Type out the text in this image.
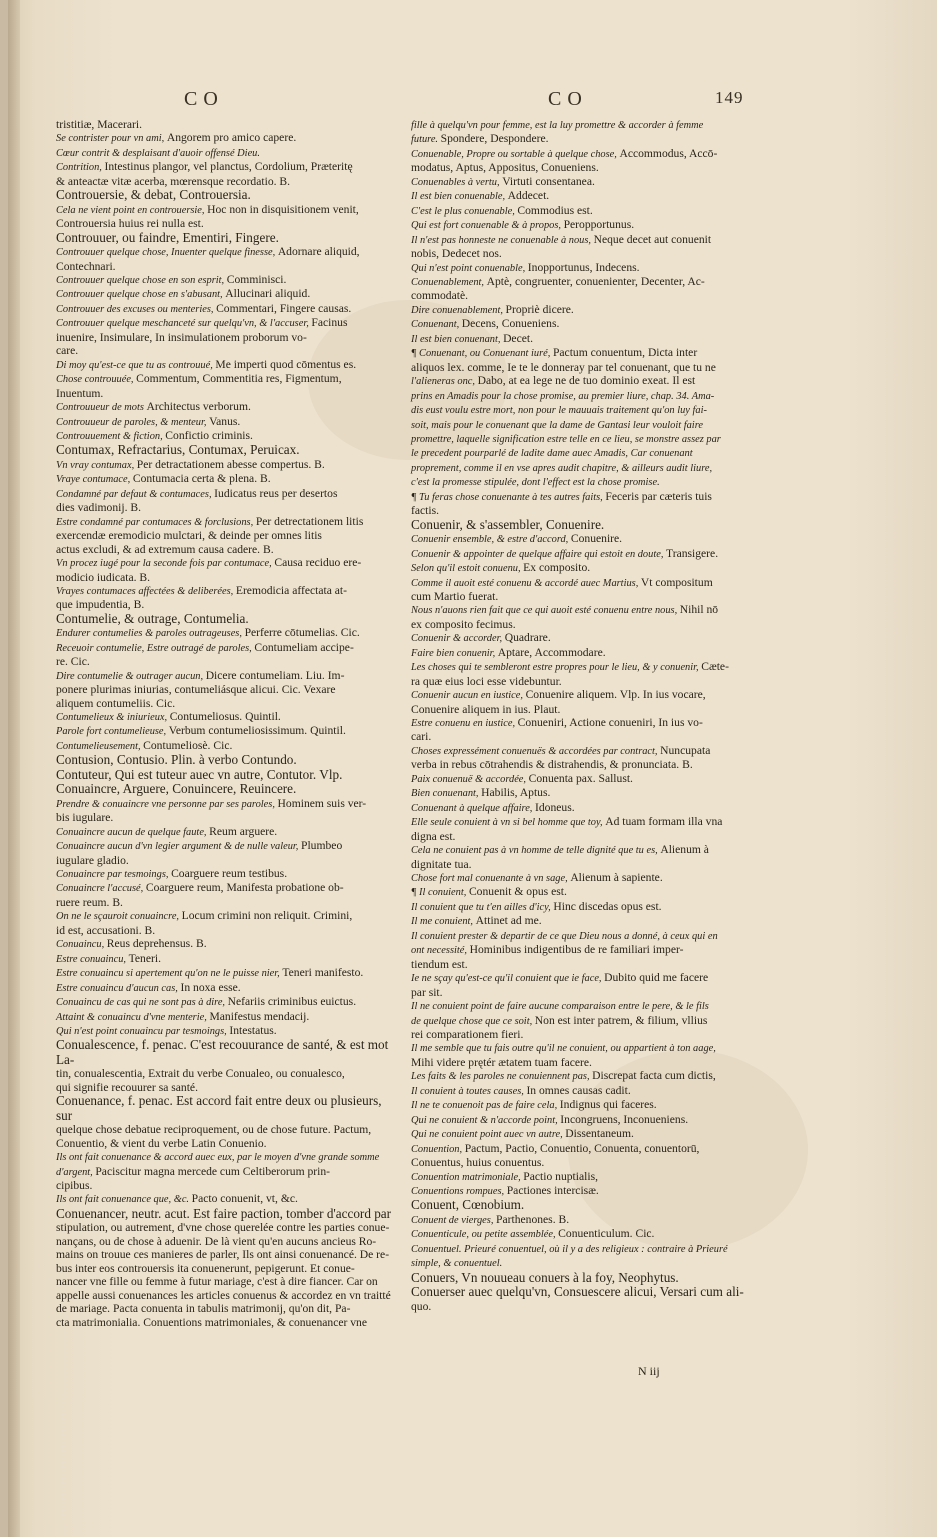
CO	CO	149

tristitiæ, Macerari.

Se contrister pour vn ami, Angorem pro amico capere.

Cœur contrit & desplaisant d'auoir offensé Dieu.

Contrition, Intestinus plangor, vel planctus, Cordolium, Præteritę

& anteactæ vitæ acerba, mœrensque recordatio. B.

Controuersie, & debat, Controuersia.

Cela ne vient point en controuersie, Hoc non in disquisitionem venit,

Controuersia huius rei nulla est.

Controuuer, ou faindre, Ementiri, Fingere.

Controuuer quelque chose, Inuenter quelque finesse, Adornare aliquid,

Contechnari.

Controuuer quelque chose en son esprit, Comminisci.

Controuuer quelque chose en s'abusant, Allucinari aliquid.

Controuuer des excuses ou menteries, Commentari, Fingere causas.

Controuuer quelque meschanceté sur quelqu'vn, & l'accuser, Facinus

inuenire, Insimulare, In insimulationem proborum vo-

care.

Di moy qu'est-ce que tu as controuué, Me imperti quod cōmentus es.

Chose controuuée, Commentum, Commentitia res, Figmentum,

Inuentum.

Controuueur de mots Architectus verborum.

Controuueur de paroles, & menteur, Vanus.

Controuuement & fiction, Confictio criminis.

Contumax, Refractarius, Contumax, Peruicax.

Vn vray contumax, Per detractationem abesse compertus. B.

Vraye contumace, Contumacia certa & plena. B.

Condamné par defaut & contumaces, Iudicatus reus per desertos

dies vadimonij. B.

Estre condamné par contumaces & forclusions, Per detrectationem litis

exercendæ eremodicio mulctari, & deinde per omnes litis

actus excludi, & ad extremum causa cadere. B.

Vn procez iugé pour la seconde fois par contumace, Causa reciduo ere-

modicio iudicata. B.

Vrayes contumaces affectées & deliberées, Eremodicia affectata at-

que impudentia, B.

Contumelie, & outrage, Contumelia.

Endurer contumelies & paroles outrageuses, Perferre cōtumelias. Cic.

Receuoir contumelie, Estre outragé de paroles, Contumeliam accipe-

re. Cic.

Dire contumelie & outrager aucun, Dicere contumeliam. Liu. Im-

ponere plurimas iniurias, contumeliásque alicui. Cic. Vexare

aliquem contumeliis. Cic.

Contumelieux & iniurieux, Contumeliosus. Quintil.

Parole fort contumelieuse, Verbum contumeliosissimum. Quintil.

Contumelieusement, Contumeliosè. Cic.

Contusion, Contusio. Plin. à verbo Contundo.

Contuteur, Qui est tuteur auec vn autre, Contutor. Vlp.

Conuaincre, Arguere, Conuincere, Reuincere.

Prendre & conuaincre vne personne par ses paroles, Hominem suis ver-

bis iugulare.

Conuaincre aucun de quelque faute, Reum arguere.

Conuaincre aucun d'vn legier argument & de nulle valeur, Plumbeo

iugulare gladio.

Conuaincre par tesmoings, Coarguere reum testibus.

Conuaincre l'accusé, Coarguere reum, Manifesta probatione ob-

ruere reum. B.

On ne le sçauroit conuaincre, Locum crimini non reliquit. Crimini,

id est, accusationi. B.

Conuaincu, Reus deprehensus. B.

Estre conuaincu, Teneri.

Estre conuaincu si apertement qu'on ne le puisse nier, Teneri manifesto.

Estre conuaincu d'aucun cas, In noxa esse.

Conuaincu de cas qui ne sont pas à dire, Nefariis criminibus euictus.

Attaint & conuaincu d'vne menterie, Manifestus mendacij.

Qui n'est point conuaincu par tesmoings, Intestatus.

Conualescence, f. penac. C'est recouurance de santé, & est mot La-

tin, conualescentia, Extrait du verbe Conualeo, ou conualesco,

qui signifie recouurer sa santé.

Conuenance, f. penac. Est accord fait entre deux ou plusieurs, sur

quelque chose debatue reciproquement, ou de chose future. Pactum,

Conuentio, & vient du verbe Latin Conuenio.

Ils ont fait conuenance & accord auec eux, par le moyen d'vne grande somme

d'argent, Paciscitur magna mercede cum Celtiberorum prin-

cipibus.

Ils ont fait conuenance que, &c. Pacto conuenit, vt, &c.

Conuenancer, neutr. acut. Est faire paction, tomber d'accord par

stipulation, ou autrement, d'vne chose querelée contre les parties conue-

nançans, ou de chose à aduenir. De là vient qu'en aucuns ancieus Ro-

mains on trouue ces manieres de parler, Ils ont ainsi conuenancé. De re-

bus inter eos controuersis ita conuenerunt, pepigerunt. Et conue-

nancer vne fille ou femme à futur mariage, c'est à dire fiancer. Car on

appelle aussi conuenances les articles conuenus & accordez en vn traitté

de mariage. Pacta conuenta in tabulis matrimonij, qu'on dit, Pa-

cta matrimonialia. Conuentions matrimoniales, & conuenancer vne

fille à quelqu'vn pour femme, est la luy promettre & accorder à femme

future. Spondere, Despondere.

Conuenable, Propre ou sortable à quelque chose, Accommodus, Accō-

modatus, Aptus, Appositus, Conueniens.

Conuenables à vertu, Virtuti consentanea.

Il est bien conuenable, Addecet.

C'est le plus conuenable, Commodius est.

Qui est fort conuenable & à propos, Peropportunus.

Il n'est pas honneste ne conuenable à nous, Neque decet aut conuenit

nobis, Dedecet nos.

Qui n'est point conuenable, Inopportunus, Indecens.

Conuenablement, Aptè, congruenter, conuenienter, Decenter, Ac-

commodatè.

Dire conuenablement, Propriè dicere.

Conuenant, Decens, Conueniens.

Il est bien conuenant, Decet.

¶ Conuenant, ou Conuenant iuré, Pactum conuentum, Dicta inter

aliquos lex. comme, Ie te le donneray par tel conuenant, que tu ne

l'alieneras onc, Dabo, at ea lege ne de tuo dominio exeat. Il est

prins en Amadis pour la chose promise, au premier liure, chap. 34. Ama-

dis eust voulu estre mort, non pour le mauuais traitement qu'on luy fai-

soit, mais pour le conuenant que la dame de Gantasi leur vouloit faire

promettre, laquelle signification estre telle en ce lieu, se monstre assez par

le precedent pourparlé de ladite dame auec Amadis, Car conuenant

proprement, comme il en vse apres audit chapitre, & ailleurs audit liure,

c'est la promesse stipulée, dont l'effect est la chose promise.

¶ Tu feras chose conuenante à tes autres faits, Feceris par cæteris tuis

factis.

Conuenir, & s'assembler, Conuenire.

Conuenir ensemble, & estre d'accord, Conuenire.

Conuenir & appointer de quelque affaire qui estoit en doute, Transigere.

Selon qu'il estoit conuenu, Ex composito.

Comme il auoit esté conuenu & accordé auec Martius, Vt compositum

cum Martio fuerat.

Nous n'auons rien fait que ce qui auoit esté conuenu entre nous, Nihil nō

ex composito fecimus.

Conuenir & accorder, Quadrare.

Faire bien conuenir, Aptare, Accommodare.

Les choses qui te sembleront estre propres pour le lieu, & y conuenir, Cæte-

ra quæ eius loci esse videbuntur.

Conuenir aucun en iustice, Conuenire aliquem. Vlp. In ius vocare,

Conuenire aliquem in ius. Plaut.

Estre conuenu en iustice, Conueniri, Actione conueniri, In ius vo-

cari.

Choses expressément conuenuës & accordées par contract, Nuncupata

verba in rebus cōtrahendis & distrahendis, & pronunciata. B.

Paix conuenuë & accordée, Conuenta pax. Sallust.

Bien conuenant, Habilis, Aptus.

Conuenant à quelque affaire, Idoneus.

Elle seule conuient à vn si bel homme que toy, Ad tuam formam illa vna

digna est.

Cela ne conuient pas à vn homme de telle dignité que tu es, Alienum à

dignitate tua.

Chose fort mal conuenante à vn sage, Alienum à sapiente.

¶ Il conuient, Conuenit & opus est.

Il conuient que tu t'en ailles d'icy, Hinc discedas opus est.

Il me conuient, Attinet ad me.

Il conuient prester & departir de ce que Dieu nous a donné, à ceux qui en

ont necessité, Hominibus indigentibus de re familiari imper-

tiendum est.

Ie ne sçay qu'est-ce qu'il conuient que ie face, Dubito quid me facere

par sit.

Il ne conuient point de faire aucune comparaison entre le pere, & le fils

de quelque chose que ce soit, Non est inter patrem, & filium, vllius

rei comparationem fieri.

Il me semble que tu fais outre qu'il ne conuient, ou appartient à ton aage,

Mihi videre prętér ætatem tuam facere.

Les faits & les paroles ne conuiennent pas, Discrepat facta cum dictis,

Il conuient à toutes causes, In omnes causas cadit.

Il ne te conuenoit pas de faire cela, Indignus qui faceres.

Qui ne conuient & n'accorde point, Incongruens, Inconueniens.

Qui ne conuient point auec vn autre, Dissentaneum.

Conuention, Pactum, Pactio, Conuentio, Conuenta, conuentorū,

Conuentus, huius conuentus.

Conuention matrimoniale, Pactio nuptialis,

Conuentions rompues, Pactiones intercisæ.

Conuent, Cœnobium.

Conuent de vierges, Parthenones. B.

Conuenticule, ou petite assemblée, Conuenticulum. Cic.

Conuentuel. Prieuré conuentuel, où il y a des religieux : contraire à Prieuré

simple, & conuentuel.

Conuers, Vn nouueau conuers à la foy, Neophytus.

Conuerser auec quelqu'vn, Consuescere alicui, Versari cum ali-

quo.

N iij
